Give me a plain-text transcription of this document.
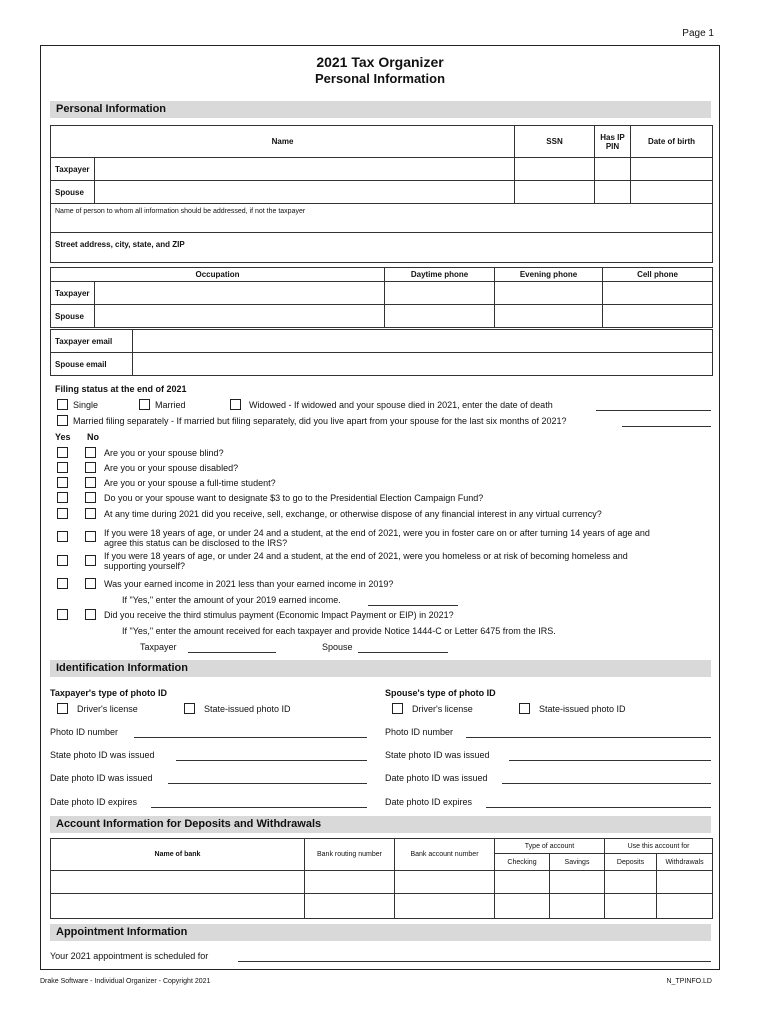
Page 1
2021 Tax Organizer
Personal Information
Personal Information
Name		SSN	Has IP PIN	Date of birth
Taxpayer				
Spouse				
Name of person to whom all information should be addressed, if not the taxpayer				
Street address, city, state, and ZIP				
Occupation		Daytime phone	Evening phone	Cell phone
Taxpayer				
Spouse				
Taxpayer email	
Spouse email	
Filing status at the end of 2021
Single	Married	Widowed - If widowed and your spouse died in 2021, enter the date of death
Married filing separately - If married but filing separately, did you live apart from your spouse for the last six months of 2021?
Yes No
Are you or your spouse blind?
Are you or your spouse disabled?
Are you or your spouse a full-time student?
Do you or your spouse want to designate $3 to go to the Presidential Election Campaign Fund?
At any time during 2021 did you receive, sell, exchange, or otherwise dispose of any financial interest in any virtual currency?
If you were 18 years of age, or under 24 and a student, at the end of 2021, were you in foster care on or after turning 14 years of age and agree this status can be disclosed to the IRS?
If you were 18 years of age, or under 24 and a student, at the end of 2021, were you homeless or at risk of becoming homeless and supporting yourself?
Was your earned income in 2021 less than your earned income in 2019?
If "Yes," enter the amount of your 2019 earned income.
Did you receive the third stimulus payment (Economic Impact Payment or EIP) in 2021?
If "Yes," enter the amount received for each taxpayer and provide Notice 1444-C or Letter 6475 from the IRS.
Taxpayer	Spouse
Identification Information
Taxpayer's type of photo ID
Driver's license	State-issued photo ID
Spouse's type of photo ID
Driver's license	State-issued photo ID
Photo ID number	Photo ID number
State photo ID was issued	State photo ID was issued
Date photo ID was issued	Date photo ID was issued
Date photo ID expires	Date photo ID expires
Account Information for Deposits and Withdrawals
Name of bank	Bank routing number	Bank account number	Type of account		Use this account for	
			Checking	Savings	Deposits	Withdrawals

Appointment Information
Your 2021 appointment is scheduled for
Drake Software - Individual Organizer - Copyright 2021	N_TPINFO.LD
